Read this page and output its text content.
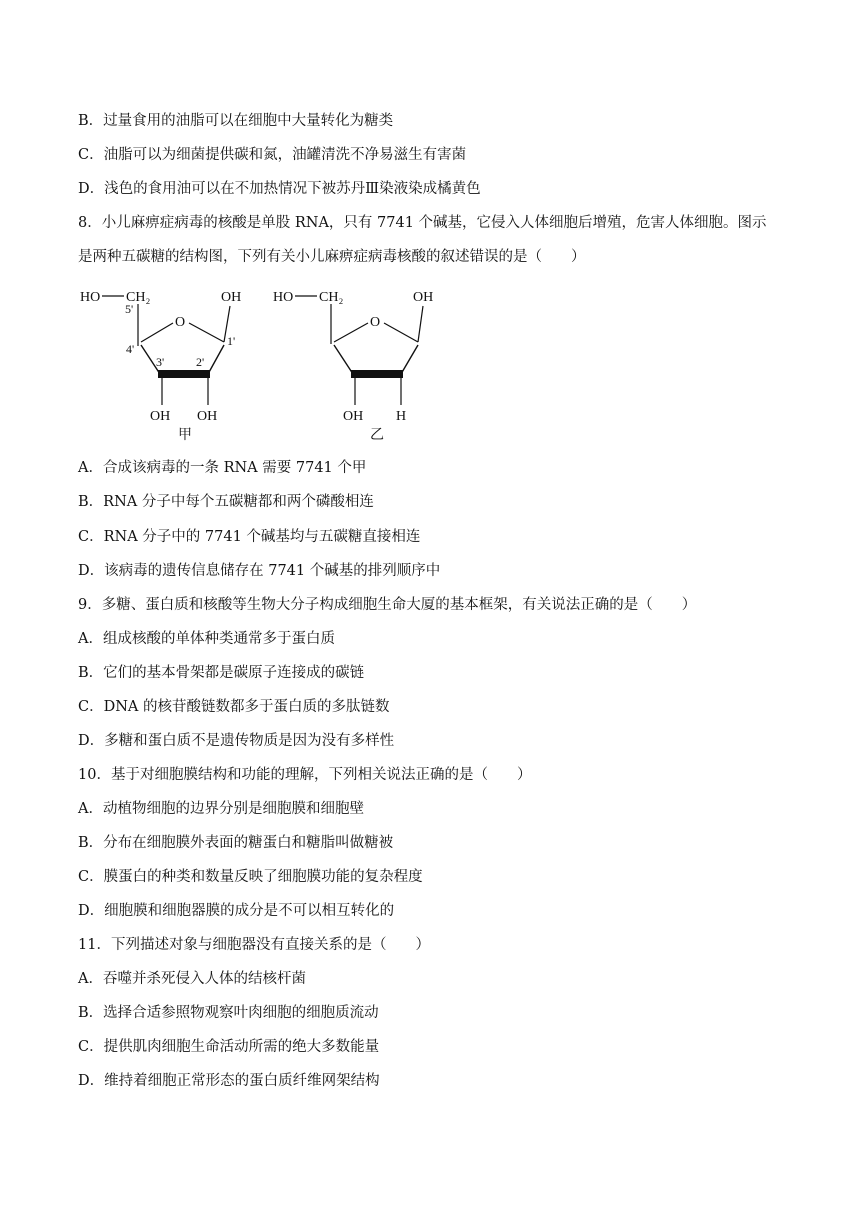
B．过量食用的油脂可以在细胞中大量转化为糖类
C．油脂可以为细菌提供碳和氮，油罐清洗不净易滋生有害菌
D．浅色的食用油可以在不加热情况下被苏丹Ⅲ染液染成橘黄色
8．小儿麻痹症病毒的核酸是单股 RNA，只有 7741 个碱基，它侵入人体细胞后增殖，危害人体细胞。图示
是两种五碳糖的结构图，下列有关小儿麻痹症病毒核酸的叙述错误的是（　　）
HO CH₂	OH
5'
4'
O
1'
3'	2'
OH OH
甲
HO CH₂	OH
O
OH H
乙
A．合成该病毒的一条 RNA 需要 7741 个甲
B．RNA 分子中每个五碳糖都和两个磷酸相连
C．RNA 分子中的 7741 个碱基均与五碳糖直接相连
D．该病毒的遗传信息储存在 7741 个碱基的排列顺序中
9．多糖、蛋白质和核酸等生物大分子构成细胞生命大厦的基本框架，有关说法正确的是（　　）
A．组成核酸的单体种类通常多于蛋白质
B．它们的基本骨架都是碳原子连接成的碳链
C．DNA 的核苷酸链数都多于蛋白质的多肽链数
D．多糖和蛋白质不是遗传物质是因为没有多样性
10．基于对细胞膜结构和功能的理解，下列相关说法正确的是（　　）
A．动植物细胞的边界分别是细胞膜和细胞壁
B．分布在细胞膜外表面的糖蛋白和糖脂叫做糖被
C．膜蛋白的种类和数量反映了细胞膜功能的复杂程度
D．细胞膜和细胞器膜的成分是不可以相互转化的
11．下列描述对象与细胞器没有直接关系的是（　　）
A．吞噬并杀死侵入人体的结核杆菌
B．选择合适参照物观察叶肉细胞的细胞质流动
C．提供肌肉细胞生命活动所需的绝大多数能量
D．维持着细胞正常形态的蛋白质纤维网架结构
